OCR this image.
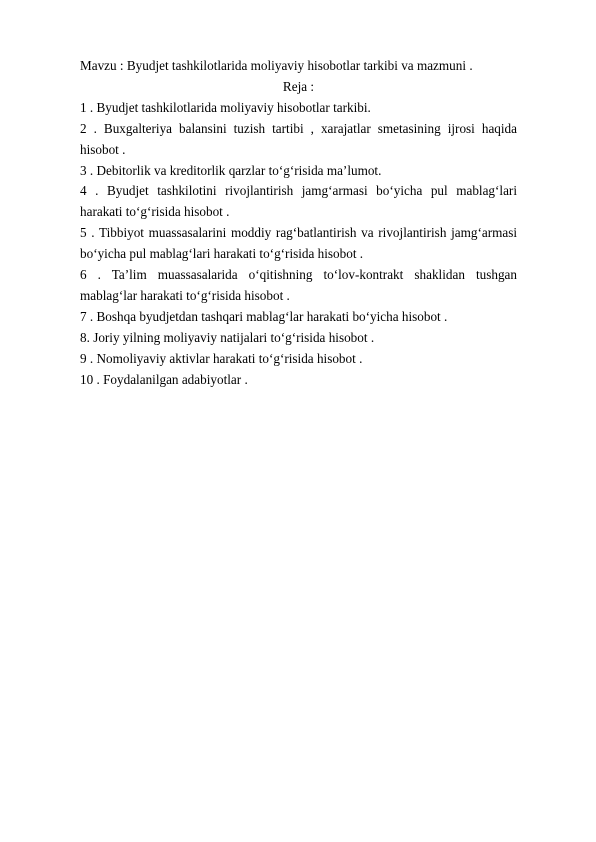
Mavzu : Byudjet tashkilotlarida moliyaviy hisobotlar tarkibi va mazmuni .

Reja :

1 . Byudjet tashkilotlarida moliyaviy hisobotlar tarkibi.

2 . Buxgalteriya balansini tuzish tartibi , xarajatlar smetasining ijrosi haqida hisobot .

3 . Debitorlik va kreditorlik qarzlar to‘g‘risida ma’lumot.

4 . Byudjet tashkilotini rivojlantirish jamg‘armasi bo‘yicha pul mablag‘lari harakati to‘g‘risida hisobot .

5 . Tibbiyot muassasalarini moddiy rag‘batlantirish va rivojlantirish jamg‘armasi bo‘yicha pul mablag‘lari harakati to‘g‘risida hisobot .

6 . Ta’lim muassasalarida o‘qitishning to‘lov-kontrakt shaklidan tushgan mablag‘lar harakati to‘g‘risida hisobot .

7 . Boshqa byudjetdan tashqari mablag‘lar harakati bo‘yicha hisobot .

8. Joriy yilning moliyaviy natijalari to‘g‘risida hisobot .

9 . Nomoliyaviy aktivlar harakati to‘g‘risida hisobot .

10 . Foydalanilgan adabiyotlar .
